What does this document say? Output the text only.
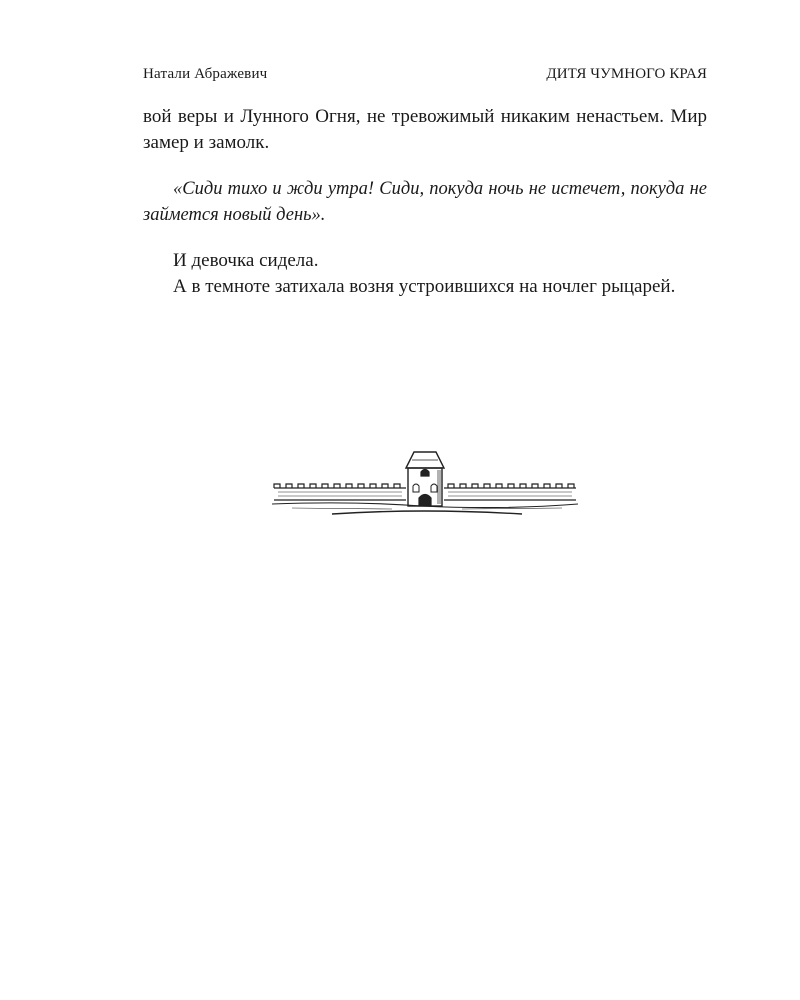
Натали Абражевич	ДИТЯ ЧУМНОГО КРАЯ

вой веры и Лунного Огня, не тревожимый никаким ненастьем. Мир замер и замолк.

«Сиди тихо и жди утра! Сиди, покуда ночь не истечет, покуда не займется новый день».

И девочка сидела.

А в темноте затихала возня устроившихся на ночлег рыцарей.
